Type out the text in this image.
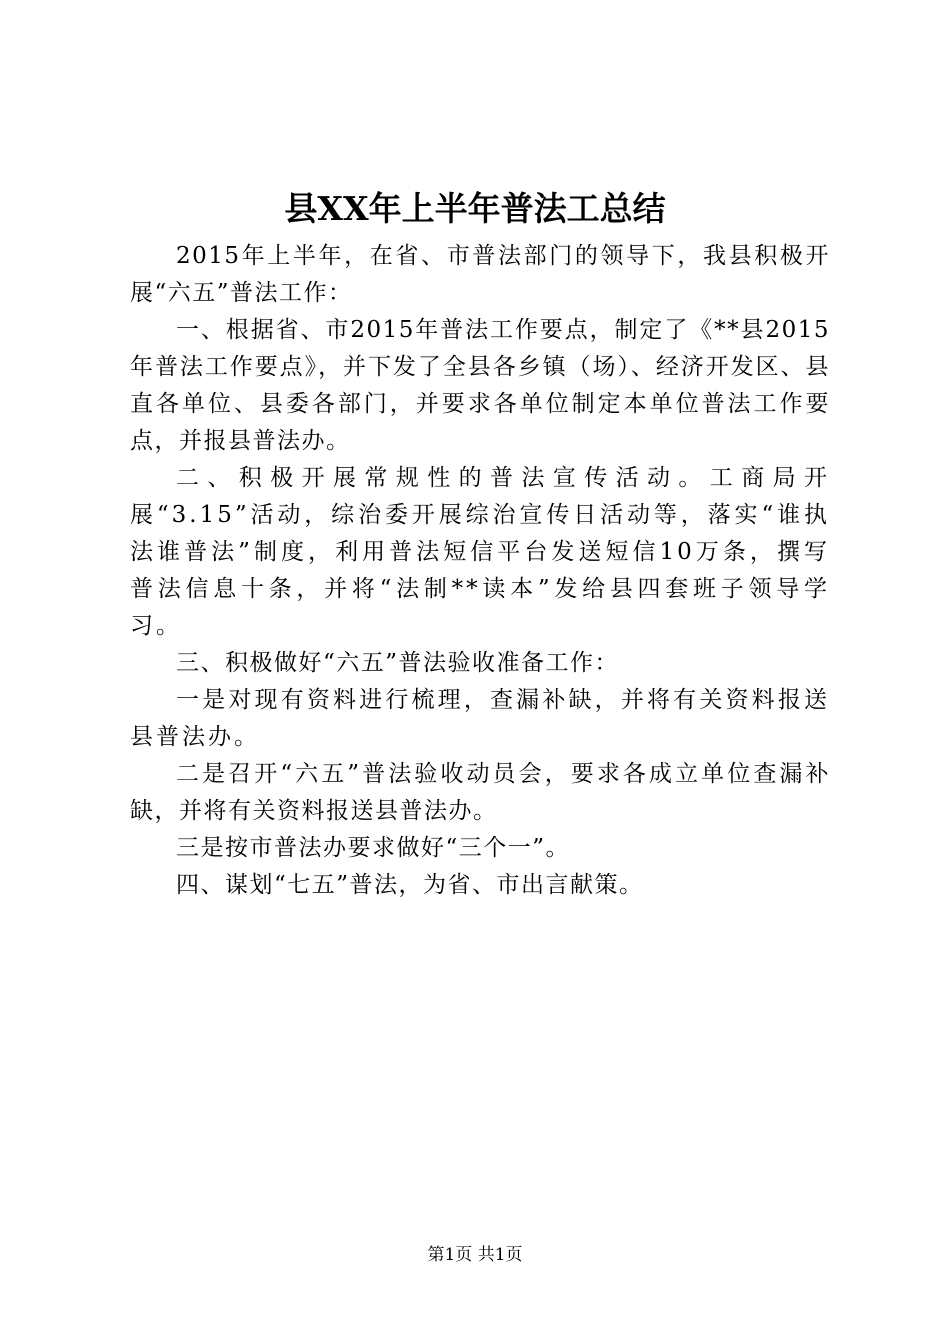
县XX年上半年普法工总结

2015年上半年，在省、市普法部门的领导下，我县积极开展“六五”普法工作：

一、根据省、市2015年普法工作要点，制定了《**县2015年普法工作要点》，并下发了全县各乡镇（场）、经济开发区、县直各单位、县委各部门，并要求各单位制定本单位普法工作要点，并报县普法办。

二、积极开展常规性的普法宣传活动。工商局开展“3.15”活动，综治委开展综治宣传日活动等，落实“谁执法谁普法”制度，利用普法短信平台发送短信10万条，撰写普法信息十条，并将“法制**读本”发给县四套班子领导学习。

三、积极做好“六五”普法验收准备工作：

一是对现有资料进行梳理，查漏补缺，并将有关资料报送县普法办。

二是召开“六五”普法验收动员会，要求各成立单位查漏补缺，并将有关资料报送县普法办。

三是按市普法办要求做好“三个一”。

四、谋划“七五”普法，为省、市出言献策。

第1页 共1页
